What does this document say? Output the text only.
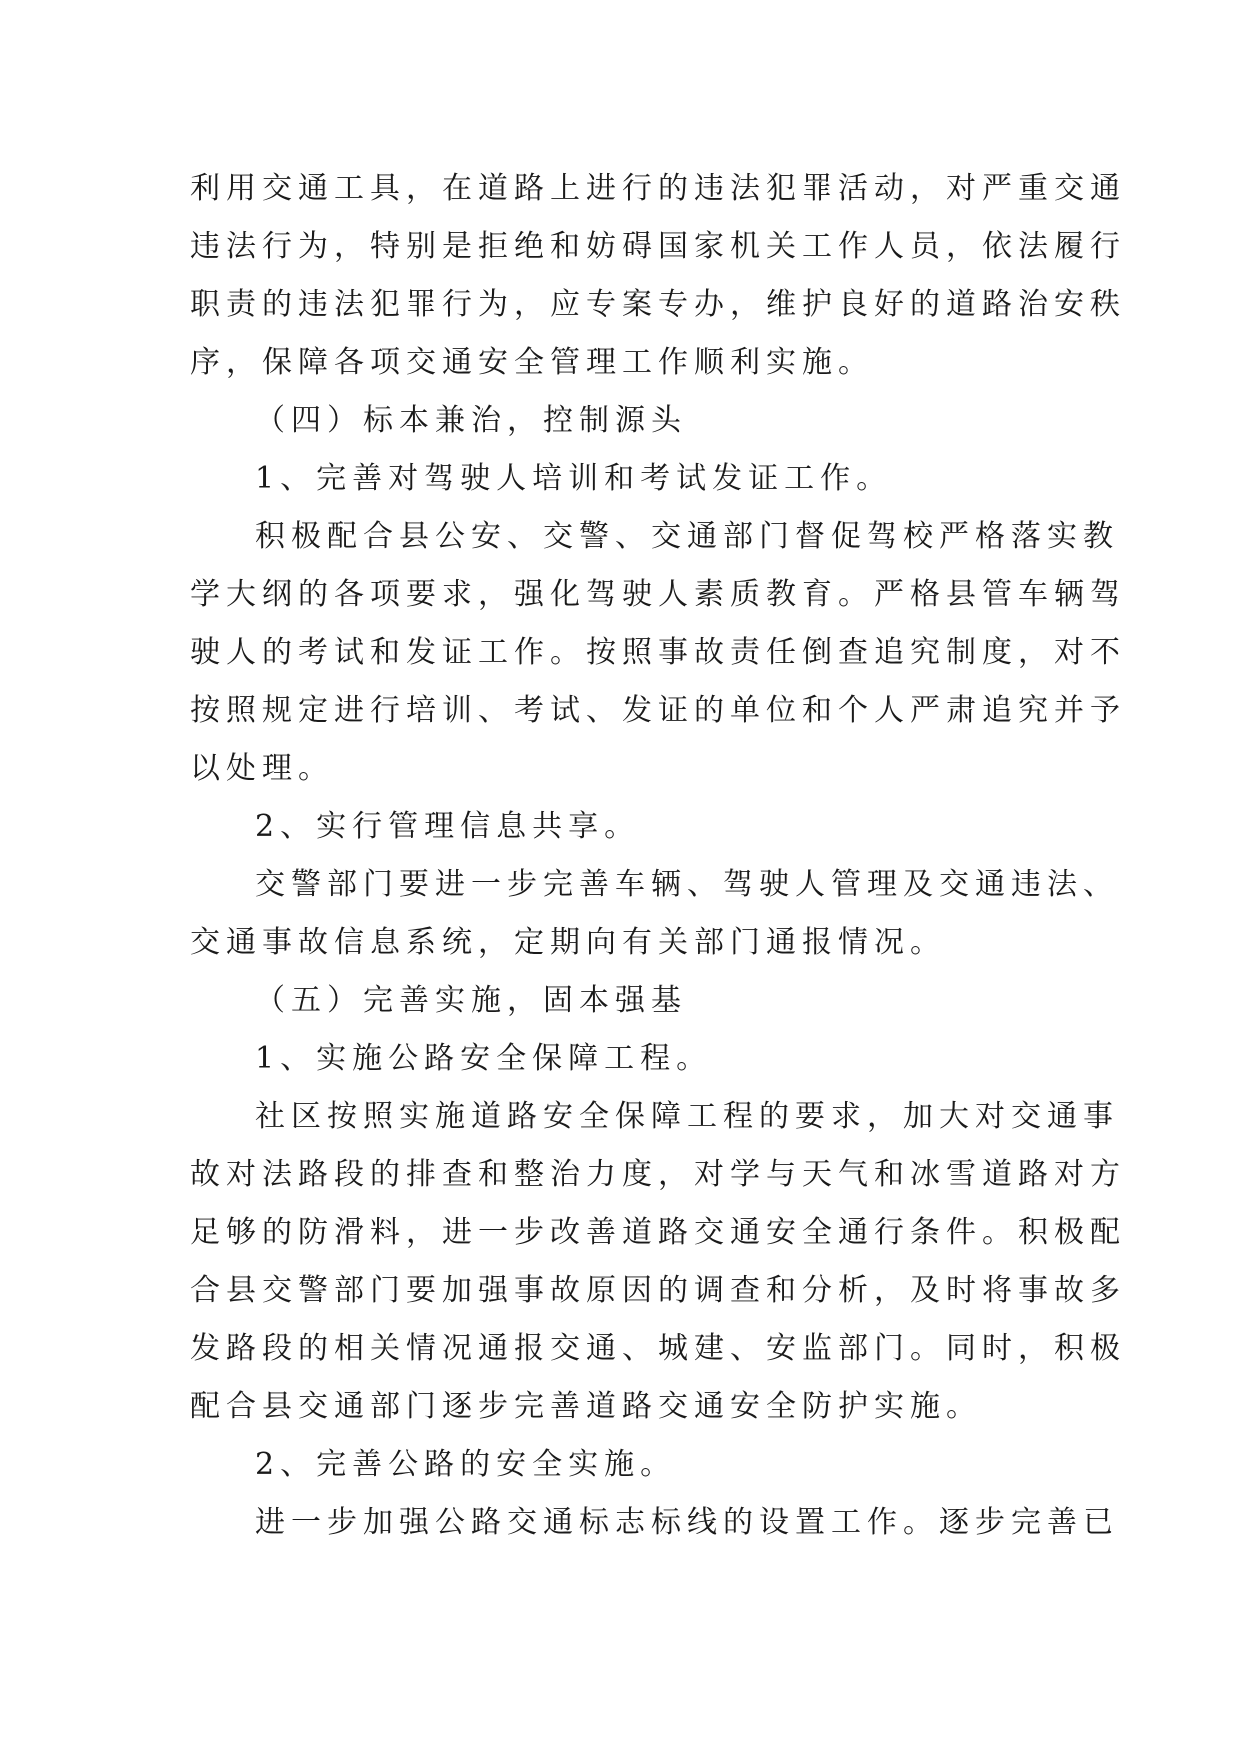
利用交通工具，在道路上进行的违法犯罪活动，对严重交通
违法行为，特别是拒绝和妨碍国家机关工作人员，依法履行
职责的违法犯罪行为，应专案专办，维护良好的道路治安秩
序，保障各项交通安全管理工作顺利实施。
（四）标本兼治，控制源头
1、完善对驾驶人培训和考试发证工作。
积极配合县公安、交警、交通部门督促驾校严格落实教
学大纲的各项要求，强化驾驶人素质教育。严格县管车辆驾
驶人的考试和发证工作。按照事故责任倒查追究制度，对不
按照规定进行培训、考试、发证的单位和个人严肃追究并予
以处理。
2、实行管理信息共享。
交警部门要进一步完善车辆、驾驶人管理及交通违法、
交通事故信息系统，定期向有关部门通报情况。
（五）完善实施，固本强基
1、实施公路安全保障工程。
社区按照实施道路安全保障工程的要求，加大对交通事
故对法路段的排查和整治力度，对学与天气和冰雪道路对方
足够的防滑料，进一步改善道路交通安全通行条件。积极配
合县交警部门要加强事故原因的调查和分析，及时将事故多
发路段的相关情况通报交通、城建、安监部门。同时，积极
配合县交通部门逐步完善道路交通安全防护实施。
2、完善公路的安全实施。
进一步加强公路交通标志标线的设置工作。逐步完善已
